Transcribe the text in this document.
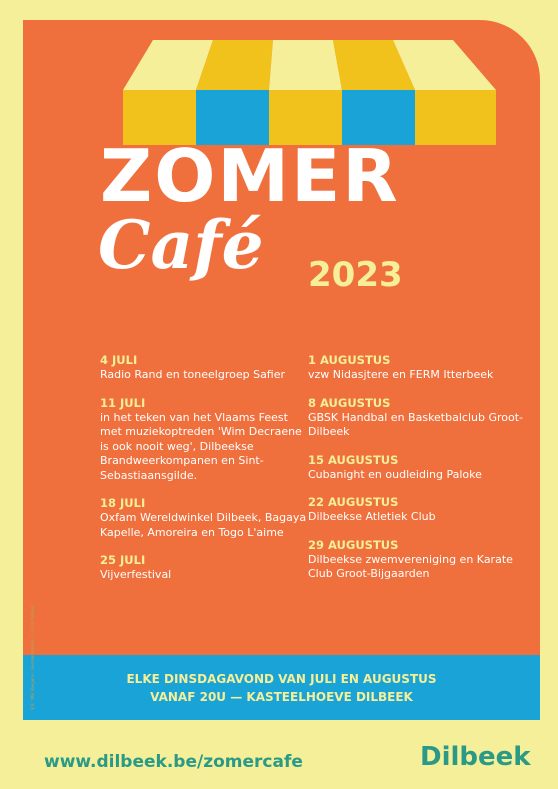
ZOMER
Café 2023
4 JULI
Radio Rand en toneelgroep Safier
11 JULI
in het teken van het Vlaams Feest met muziekoptreden 'Wim Decraene is ook nooit weg', Dilbeekse Brandweerkompanen en Sint-Sebastiaansgilde.
18 JULI
Oxfam Wereldwinkel Dilbeek, Bagaya Kapelle, Amoreira en Togo L'aime
25 JULI
Vijverfestival
1 AUGUSTUS
vzw Nidasjtere en FERM Itterbeek
8 AUGUSTUS
GBSK Handbal en Basketbalclub Groot-Dilbeek
15 AUGUSTUS
Cubanight en oudleiding Paloke
22 AUGUSTUS
Dilbeekse Atletiek Club
29 AUGUSTUS
Dilbeekse zwemvereniging en Karate Club Groot-Bijgaarden
ELKE DINSDAGAVOND VAN JULI EN AUGUSTUS
VANAF 20U — KASTEELHOEVE DILBEEK
V.U.: Wik Vangens - Gemeenteplein 1 - 1700 Dilbeek
www.dilbeek.be/zomercafe	Dilbeek
